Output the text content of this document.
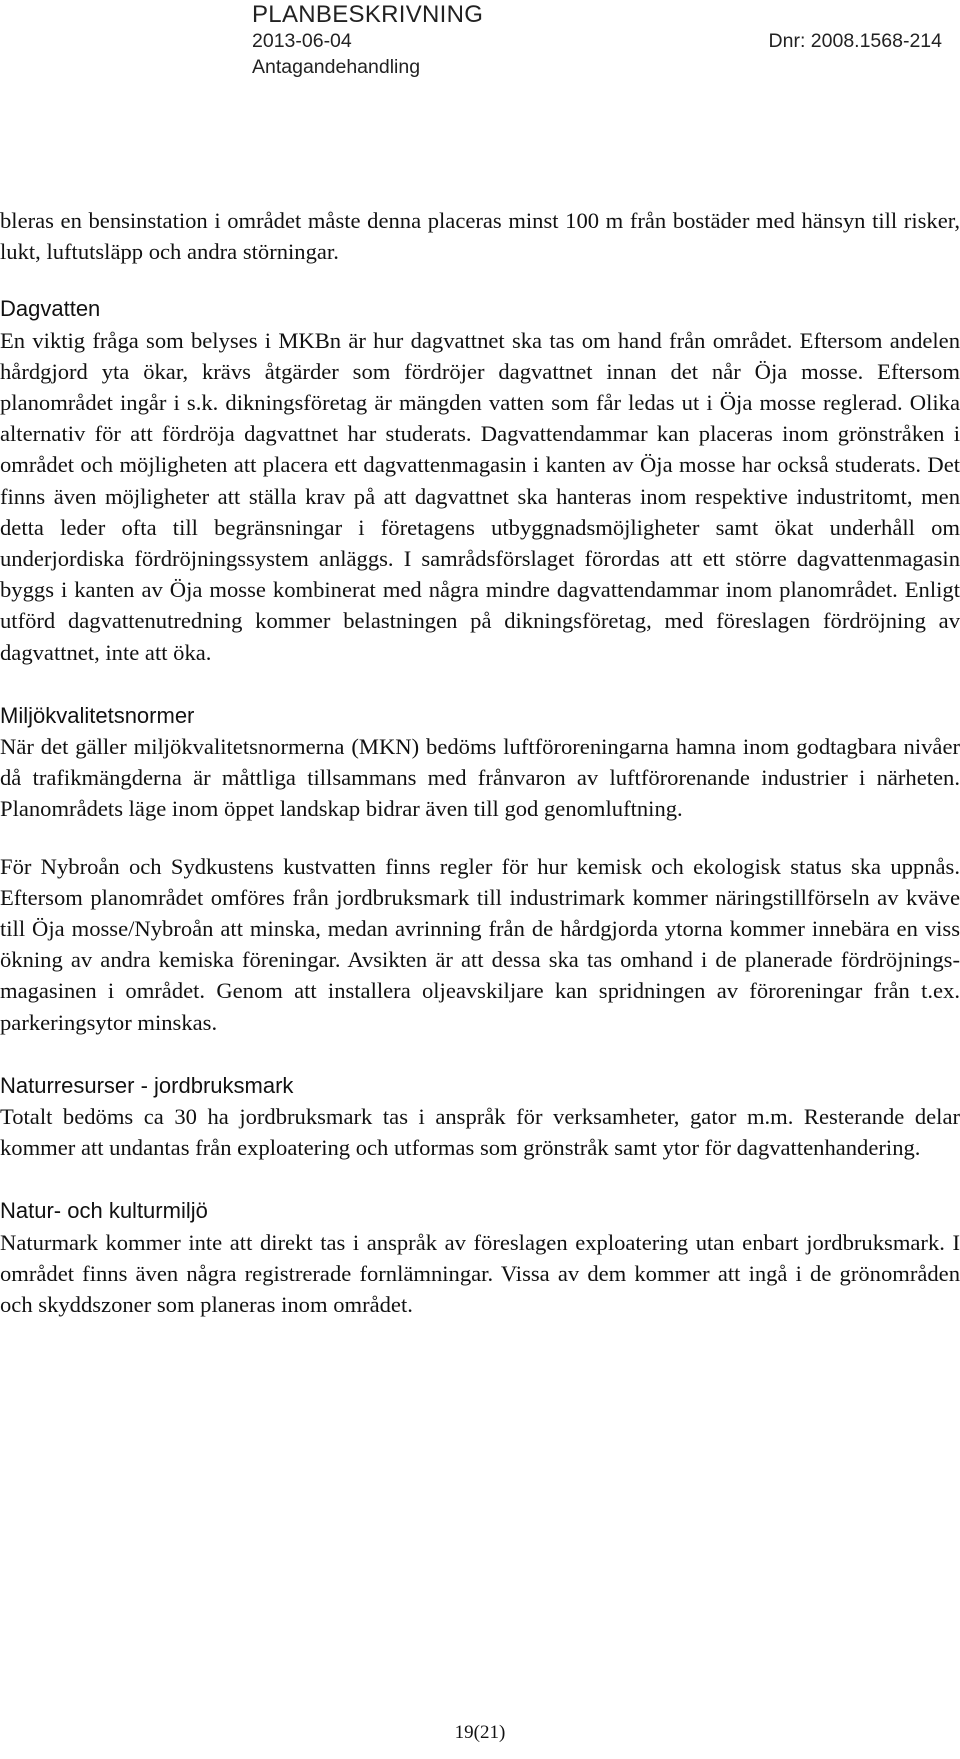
PLANBESKRIVNING
2013-06-04	Dnr: 2008.1568-214
Antagandehandling

bleras en bensinstation i området måste denna placeras minst 100 m från bostäder med hänsyn till risker, lukt, luftutsläpp och andra störningar.

Dagvatten

En viktig fråga som belyses i MKBn är hur dagvattnet ska tas om hand från området. Eftersom andelen hårdgjord yta ökar, krävs åtgärder som fördröjer dagvattnet innan det når Öja mosse. Eftersom planområdet ingår i s.k. dikningsföretag är mängden vatten som får ledas ut i Öja mosse reglerad. Olika alternativ för att fördröja dagvattnet har studerats. Dagvattendammar kan placeras inom grönstråken i området och möjligheten att placera ett dagvattenmagasin i kanten av Öja mosse har också studerats. Det finns även möjligheter att ställa krav på att dagvattnet ska hanteras inom respektive industritomt, men detta leder ofta till begränsningar i företagens utbyggnadsmöjligheter samt ökat underhåll om underjordiska fördröjningssystem anläggs. I samrådsförslaget förordas att ett större dagvattenmagasin byggs i kanten av Öja mosse kombinerat med några mindre dagvattendammar inom planområdet. Enligt utförd dagvattenutredning kommer belastningen på dikningsföretag, med föreslagen fördröjning av dagvattnet, inte att öka.

Miljökvalitetsnormer

När det gäller miljökvalitetsnormerna (MKN) bedöms luftföroreningarna hamna inom godtagbara nivåer då trafikmängderna är måttliga tillsammans med frånvaron av luftförorenande industrier i närheten. Planområdets läge inom öppet landskap bidrar även till god genomluftning.

För Nybroån och Sydkustens kustvatten finns regler för hur kemisk och ekologisk status ska uppnås. Eftersom planområdet omföres från jordbruksmark till industrimark kommer näringstillförseln av kväve till Öja mosse/Nybroån att minska, medan avrinning från de hårdgjorda ytorna kommer innebära en viss ökning av andra kemiska föreningar. Avsikten är att dessa ska tas omhand i de planerade fördröjningsmagasinen i området. Genom att installera oljeavskiljare kan spridningen av föroreningar från t.ex. parkeringsytor minskas.

Naturresurser - jordbruksmark

Totalt bedöms ca 30 ha jordbruksmark tas i anspråk för verksamheter, gator m.m. Resterande delar kommer att undantas från exploatering och utformas som grönstråk samt ytor för dagvattenhandering.

Natur- och kulturmiljö

Naturmark kommer inte att direkt tas i anspråk av föreslagen exploatering utan enbart jordbruksmark. I området finns även några registrerade fornlämningar. Vissa av dem kommer att ingå i de grönområden och skyddszoner som planeras inom området.

19(21)
